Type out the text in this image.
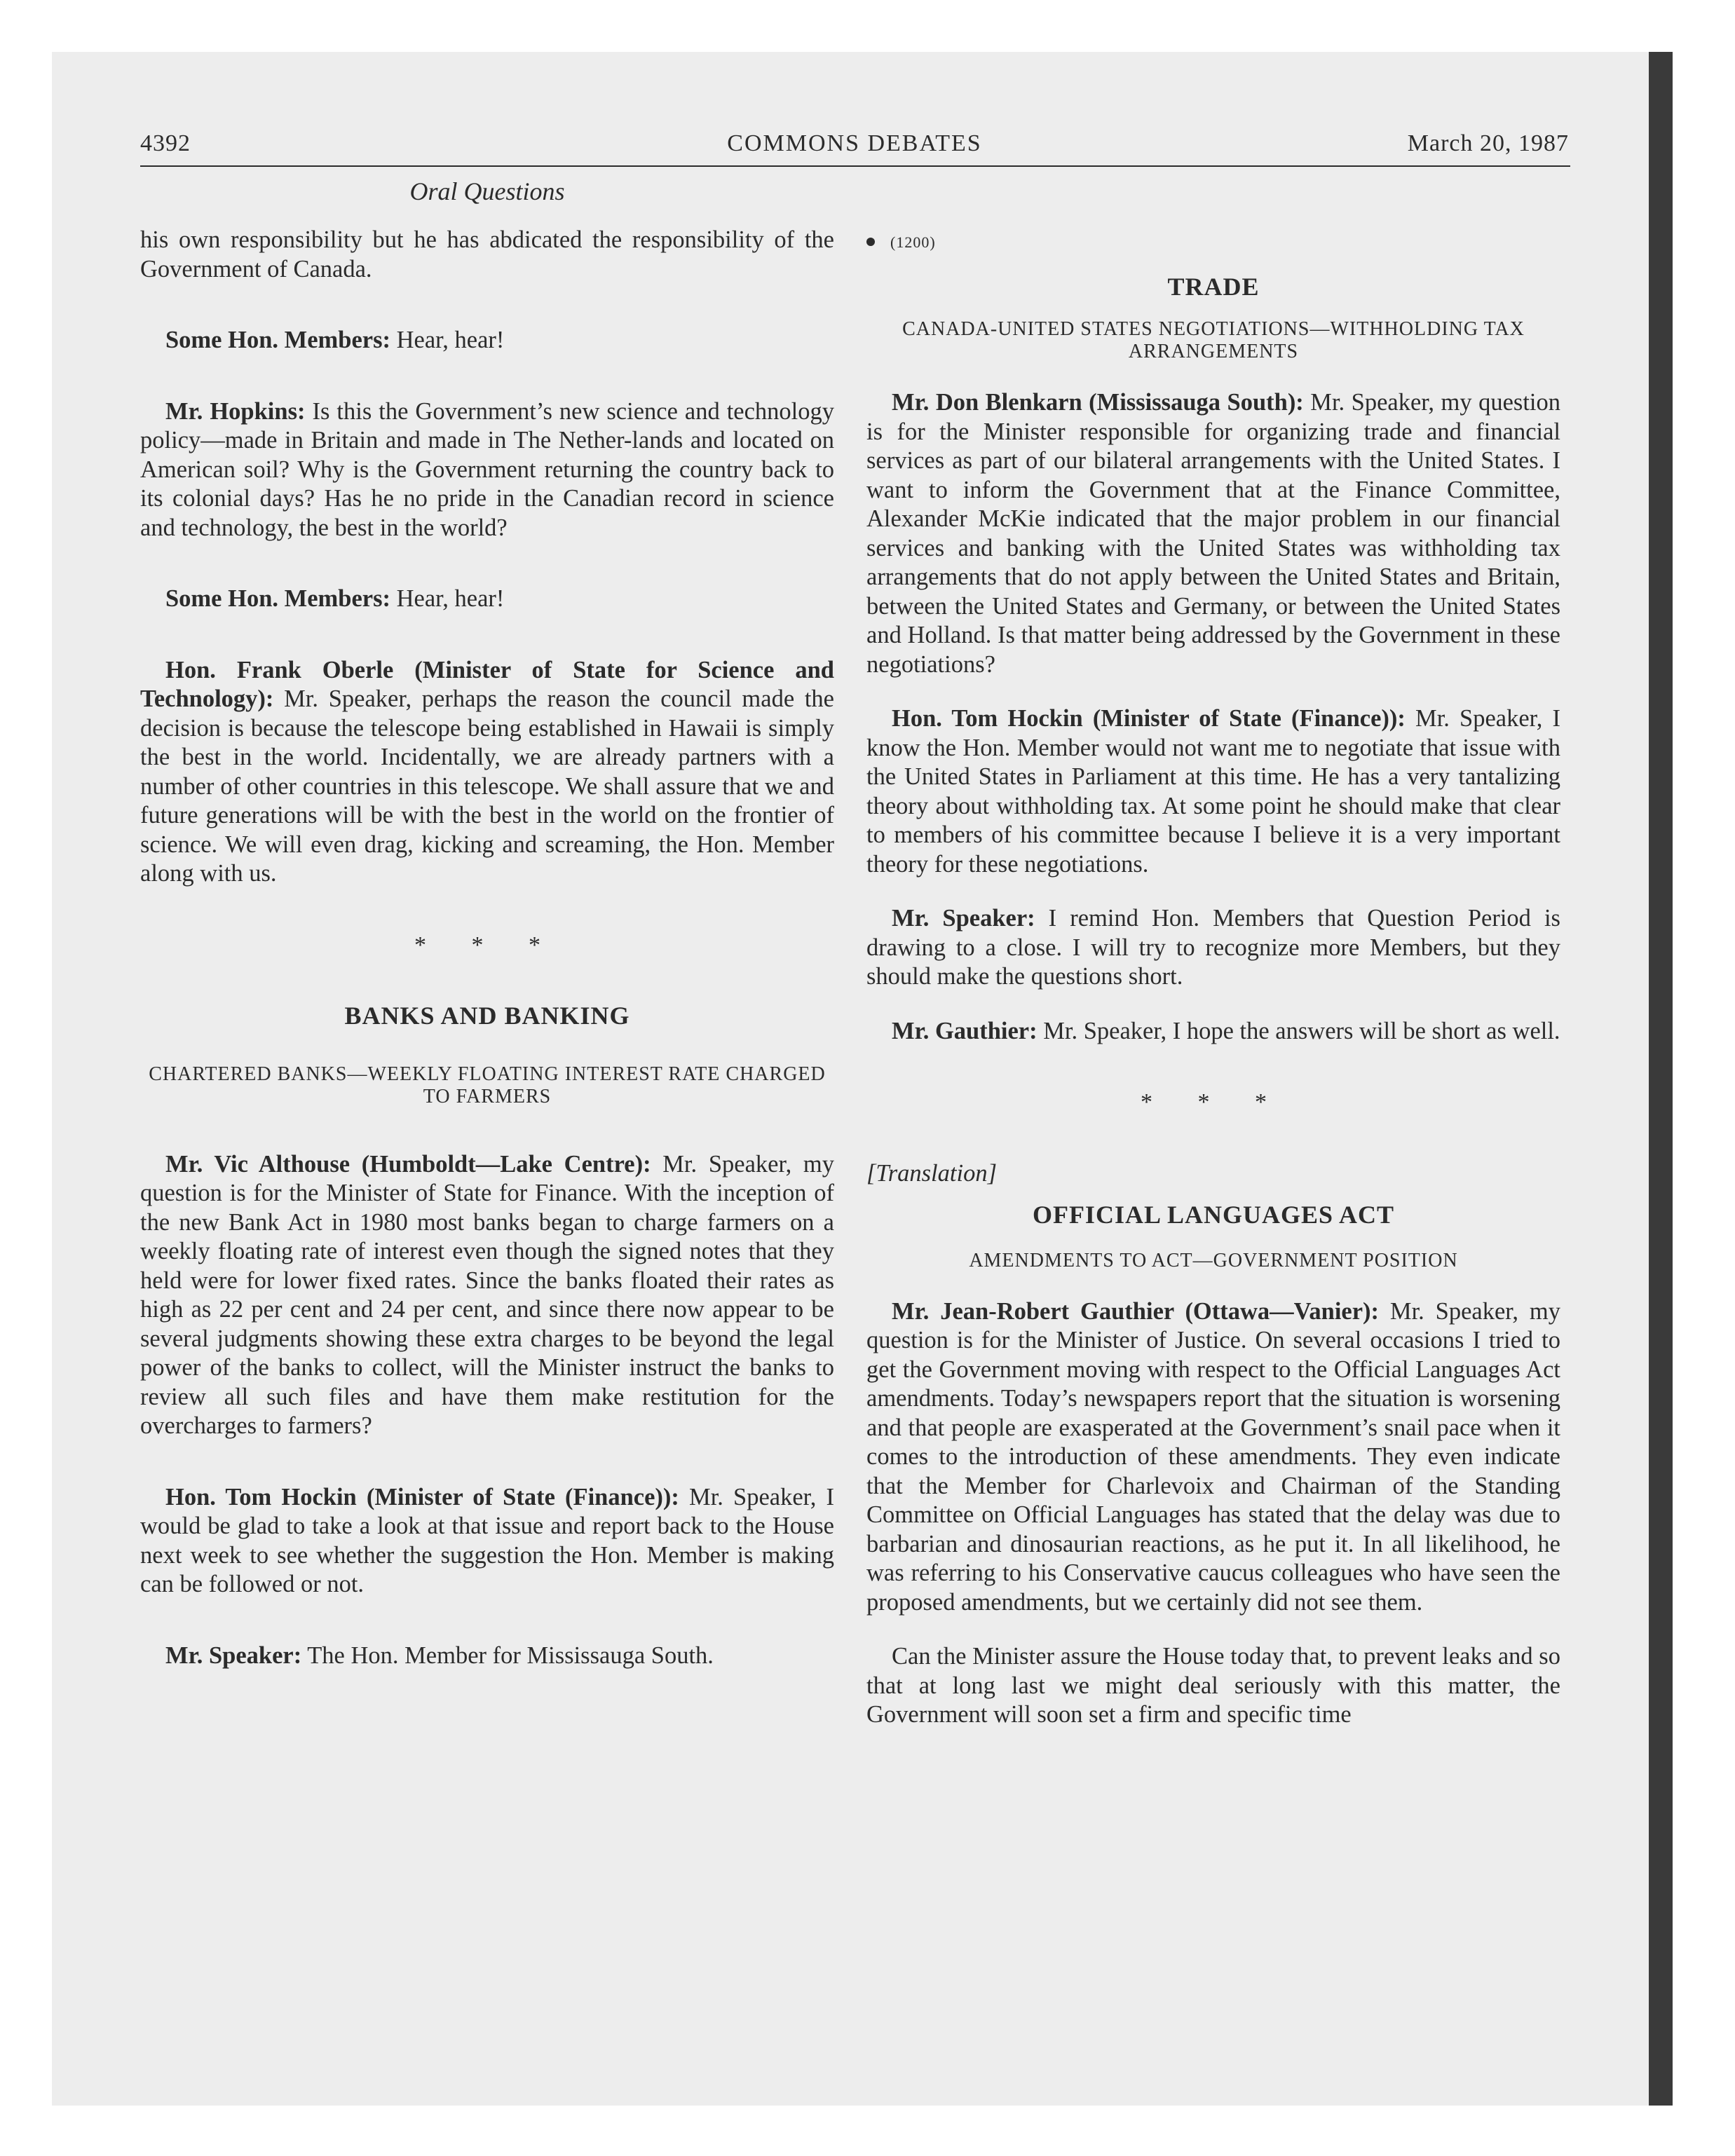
4392	COMMONS DEBATES	March 20, 1987
Oral Questions

his own responsibility but he has abdicated the responsibility of the Government of Canada.

Some Hon. Members: Hear, hear!

Mr. Hopkins: Is this the Government’s new science and technology policy—made in Britain and made in The Nether-lands and located on American soil? Why is the Government returning the country back to its colonial days? Has he no pride in the Canadian record in science and technology, the best in the world?

Some Hon. Members: Hear, hear!

Hon. Frank Oberle (Minister of State for Science and Technology): Mr. Speaker, perhaps the reason the council made the decision is because the telescope being established in Hawaii is simply the best in the world. Incidentally, we are already partners with a number of other countries in this telescope. We shall assure that we and future generations will be with the best in the world on the frontier of science. We will even drag, kicking and screaming, the Hon. Member along with us.

* * *
BANKS AND BANKING
CHARTERED BANKS—WEEKLY FLOATING INTEREST RATE CHARGED TO FARMERS

Mr. Vic Althouse (Humboldt—Lake Centre): Mr. Speaker, my question is for the Minister of State for Finance. With the inception of the new Bank Act in 1980 most banks began to charge farmers on a weekly floating rate of interest even though the signed notes that they held were for lower fixed rates. Since the banks floated their rates as high as 22 per cent and 24 per cent, and since there now appear to be several judgments showing these extra charges to be beyond the legal power of the banks to collect, will the Minister instruct the banks to review all such files and have them make restitution for the overcharges to farmers?

Hon. Tom Hockin (Minister of State (Finance)): Mr. Speaker, I would be glad to take a look at that issue and report back to the House next week to see whether the suggestion the Hon. Member is making can be followed or not.

Mr. Speaker: The Hon. Member for Mississauga South.

(1200)
TRADE
CANADA-UNITED STATES NEGOTIATIONS—WITHHOLDING TAX ARRANGEMENTS

Mr. Don Blenkarn (Mississauga South): Mr. Speaker, my question is for the Minister responsible for organizing trade and financial services as part of our bilateral arrangements with the United States. I want to inform the Government that at the Finance Committee, Alexander McKie indicated that the major problem in our financial services and banking with the United States was withholding tax arrangements that do not apply between the United States and Britain, between the United States and Germany, or between the United States and Holland. Is that matter being addressed by the Government in these negotiations?

Hon. Tom Hockin (Minister of State (Finance)): Mr. Speaker, I know the Hon. Member would not want me to negotiate that issue with the United States in Parliament at this time. He has a very tantalizing theory about withholding tax. At some point he should make that clear to members of his committee because I believe it is a very important theory for these negotiations.

Mr. Speaker: I remind Hon. Members that Question Period is drawing to a close. I will try to recognize more Members, but they should make the questions short.

Mr. Gauthier: Mr. Speaker, I hope the answers will be short as well.

* * *
[Translation]
OFFICIAL LANGUAGES ACT
AMENDMENTS TO ACT—GOVERNMENT POSITION

Mr. Jean-Robert Gauthier (Ottawa—Vanier): Mr. Speaker, my question is for the Minister of Justice. On several occasions I tried to get the Government moving with respect to the Official Languages Act amendments. Today’s newspapers report that the situation is worsening and that people are exasperated at the Government’s snail pace when it comes to the introduction of these amendments. They even indicate that the Member for Charlevoix and Chairman of the Standing Committee on Official Languages has stated that the delay was due to barbarian and dinosaurian reactions, as he put it. In all likelihood, he was referring to his Conservative caucus colleagues who have seen the proposed amendments, but we certainly did not see them.

Can the Minister assure the House today that, to prevent leaks and so that at long last we might deal seriously with this matter, the Government will soon set a firm and specific time
